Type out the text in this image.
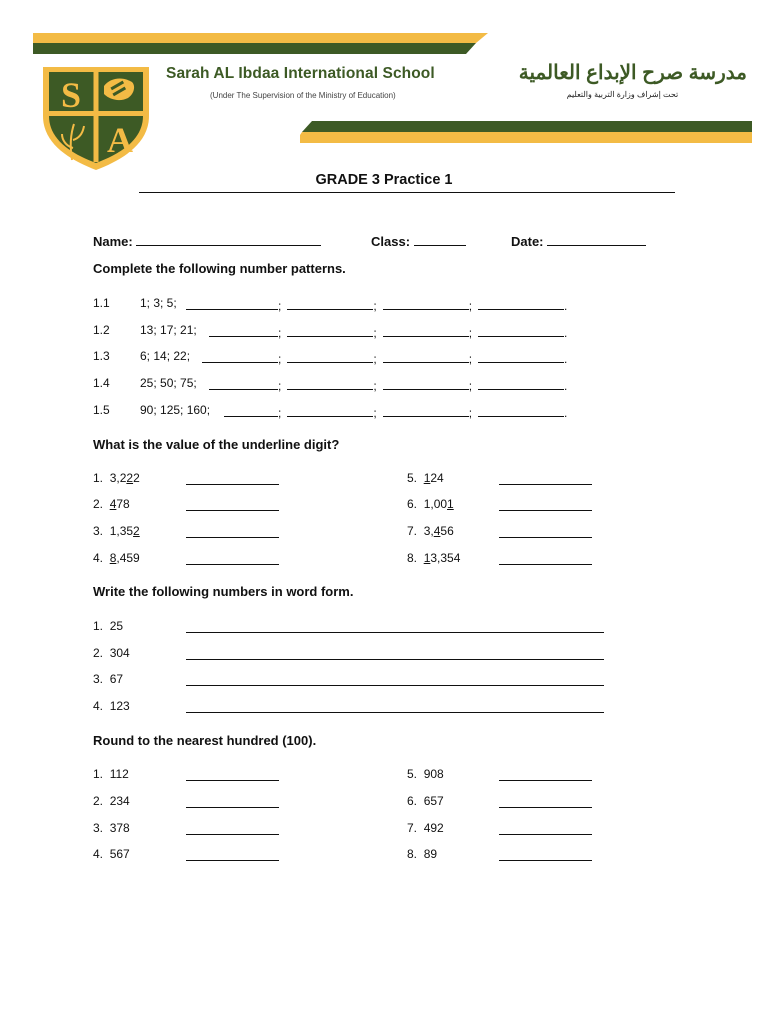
S
A
Sarah AL Ibdaa International School
(Under The Supervision of the Ministry of Education)
مدرسة صرح الإبداع العالمية
تحت إشراف وزارة التربية والتعليم
GRADE 3 Practice 1
Name:	Class:	Date:
Complete the following number patterns.
1.1	1; 3; 5;	;	;	;	.
1.2	13; 17; 21;	;	;	;	.
1.3	6; 14; 22;	;	;	;	.
1.4	25; 50; 75;	;	;	;	.
1.5	90; 125; 160;	;	;	;	.
What is the value of the underline digit?
1. 3,222
2. 478
3. 1,352
4. 8,459
5. 124
6. 1,001
7. 3,456
8. 13,354
Write the following numbers in word form.
1. 25
2. 304
3. 67
4. 123
Round to the nearest hundred (100).
1. 112
2. 234
3. 378
4. 567
5. 908
6. 657
7. 492
8. 89
